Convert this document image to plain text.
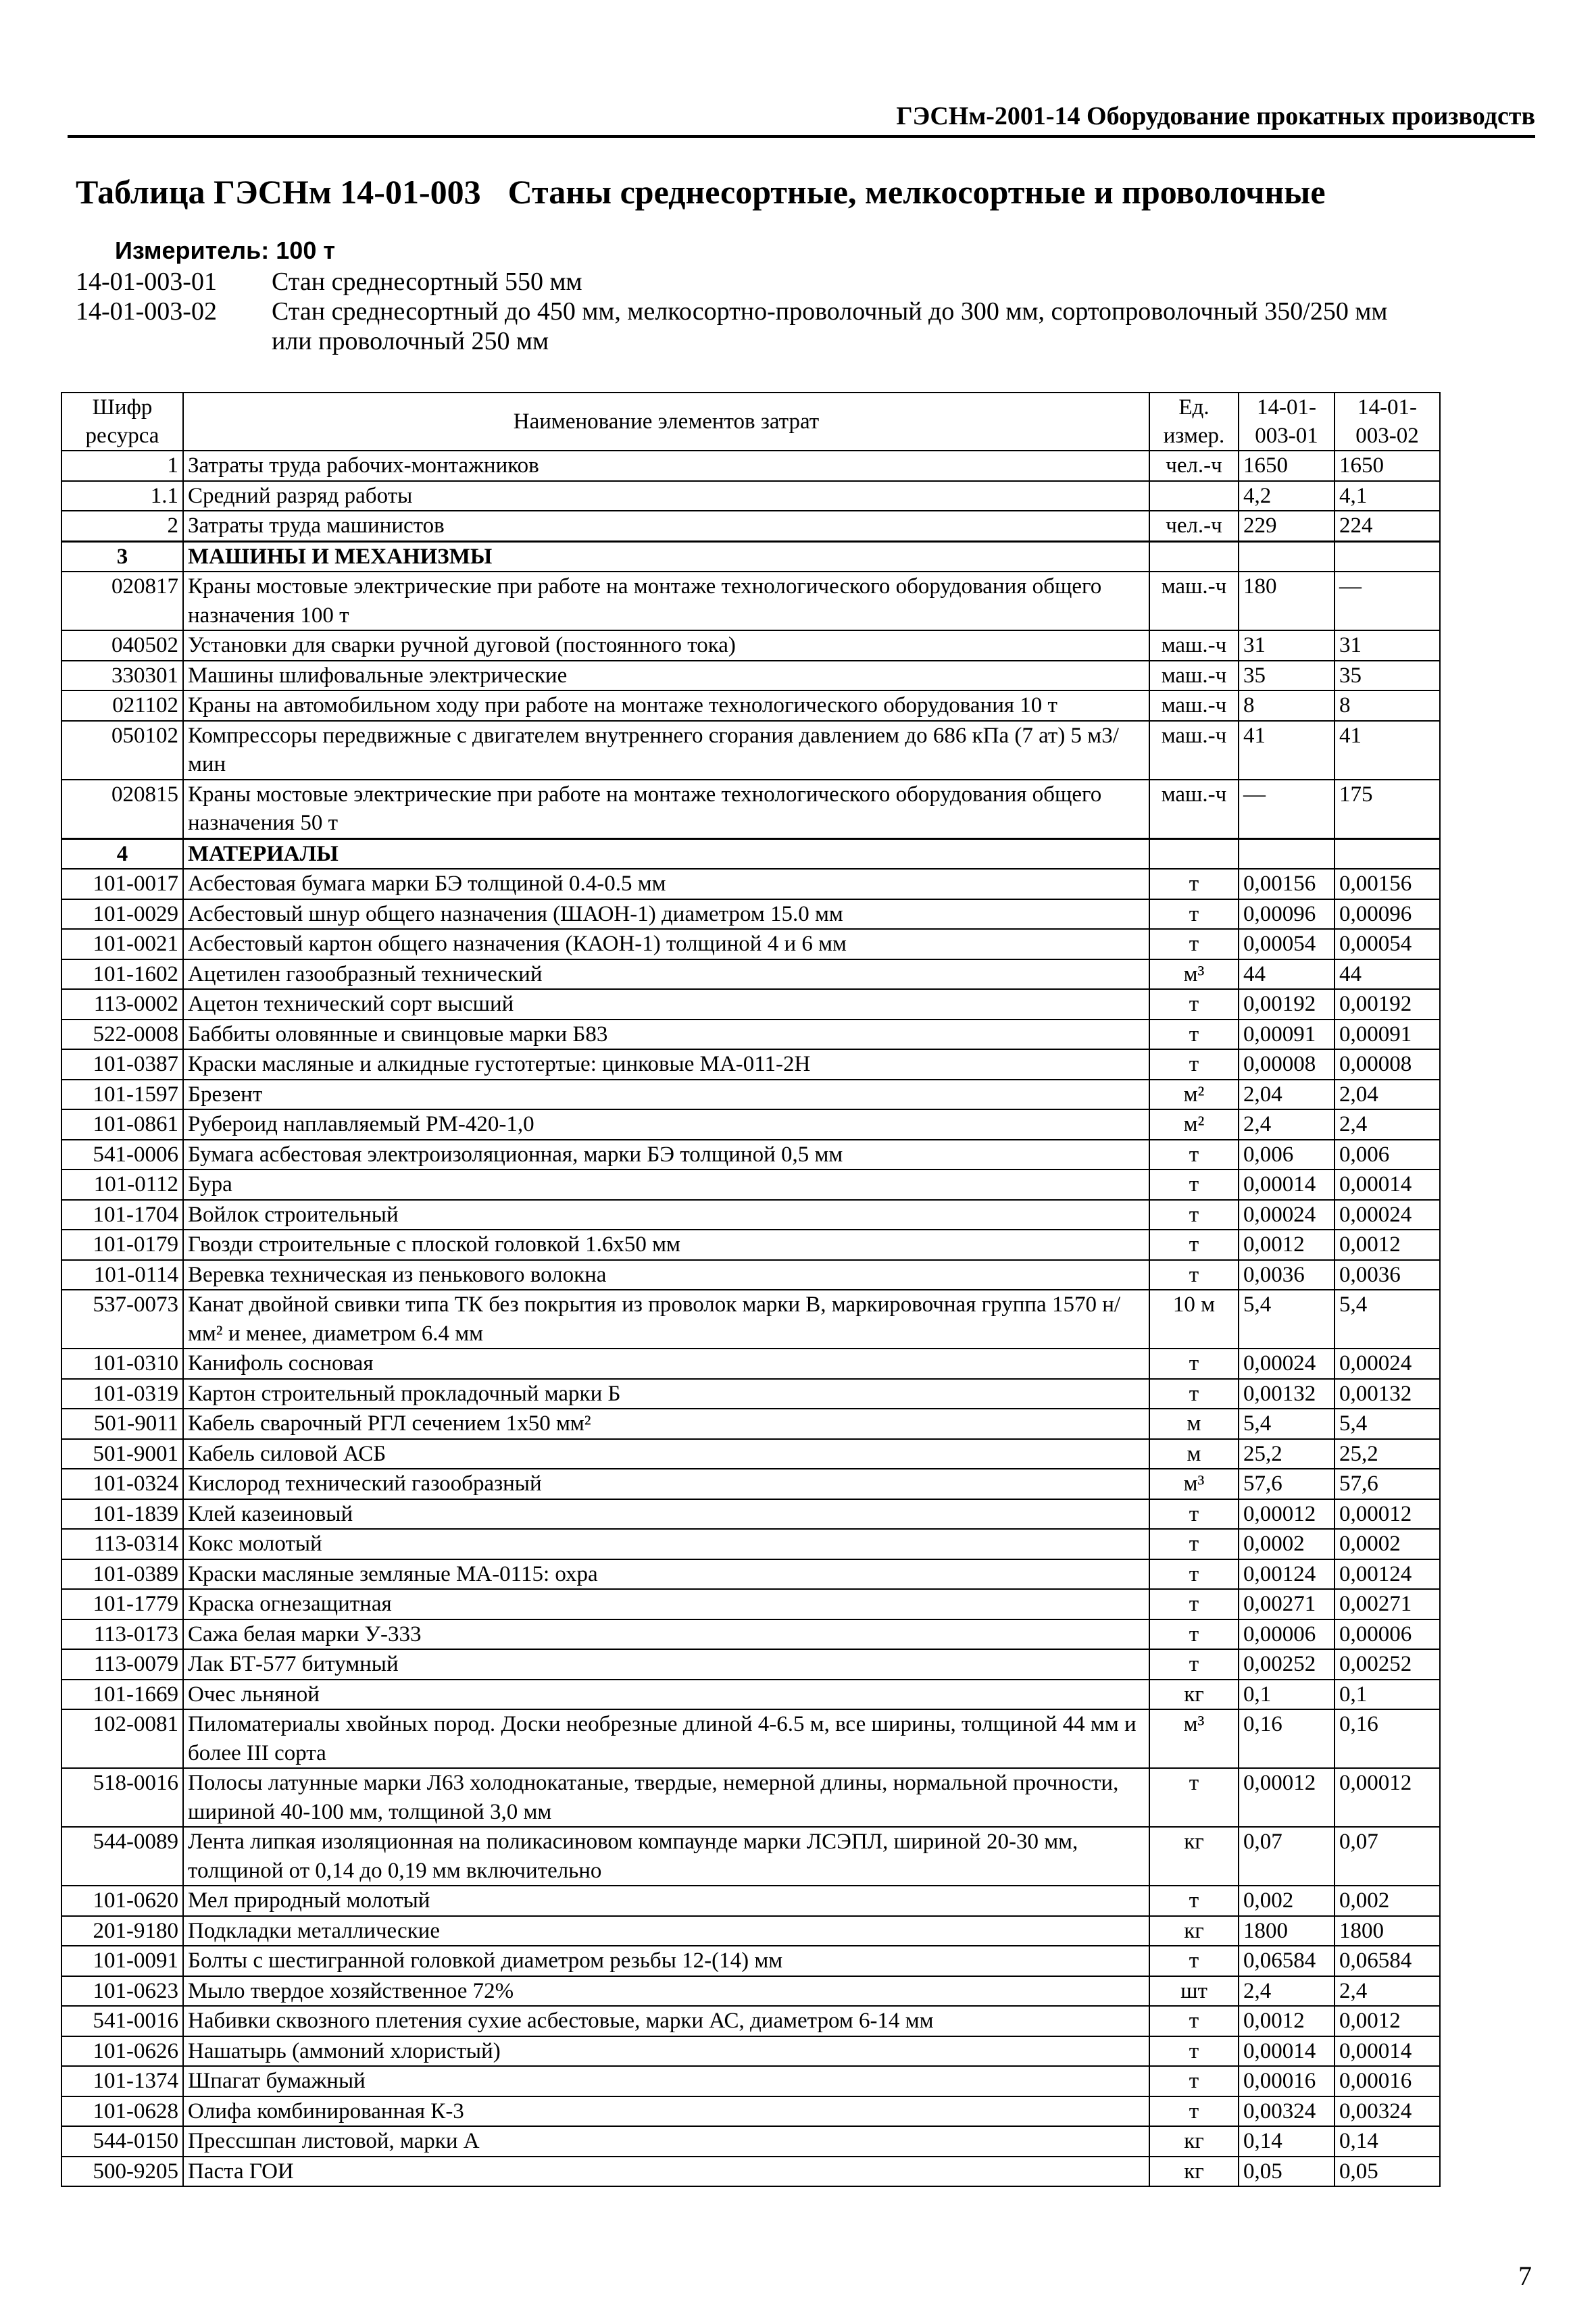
ГЭСНм-2001-14 Оборудование прокатных производств
Таблица ГЭСНм 14-01-003 Станы среднесортные, мелкосортные и проволочные
Измеритель: 100 т
14-01-003-01	Стан среднесортный 550 мм
14-01-003-02	Стан среднесортный до 450 мм, мелкосортно-проволочный до 300 мм, сортопроволочный 350/250 мм или проволочный 250 мм
Шифр ресурса	Наименование элементов затрат	Ед. измер.	14-01-003-01	14-01-003-02
1	Затраты труда рабочих-монтажников	чел.-ч	1650	1650
1.1	Средний разряд работы		4,2	4,1
2	Затраты труда машинистов	чел.-ч	229	224
3	МАШИНЫ И МЕХАНИЗМЫ			
020817	Краны мостовые электрические при работе на монтаже технологического оборудования общего назначения 100 т	маш.-ч	180	—
040502	Установки для сварки ручной дуговой (постоянного тока)	маш.-ч	31	31
330301	Машины шлифовальные электрические	маш.-ч	35	35
021102	Краны на автомобильном ходу при работе на монтаже технологического оборудования 10 т	маш.-ч	8	8
050102	Компрессоры передвижные с двигателем внутреннего сгорания давлением до 686 кПа (7 ат) 5 м3/мин	маш.-ч	41	41
020815	Краны мостовые электрические при работе на монтаже технологического оборудования общего назначения 50 т	маш.-ч	—	175
4	МАТЕРИАЛЫ			
101-0017	Асбестовая бумага марки БЭ толщиной 0.4-0.5 мм	т	0,00156	0,00156
101-0029	Асбестовый шнур общего назначения (ШАОН-1) диаметром 15.0 мм	т	0,00096	0,00096
101-0021	Асбестовый картон общего назначения (КАОН-1) толщиной 4 и 6 мм	т	0,00054	0,00054
101-1602	Ацетилен газообразный технический	м³	44	44
113-0002	Ацетон технический сорт высший	т	0,00192	0,00192
522-0008	Баббиты оловянные и свинцовые марки Б83	т	0,00091	0,00091
101-0387	Краски масляные и алкидные густотертые: цинковые МА-011-2Н	т	0,00008	0,00008
101-1597	Брезент	м²	2,04	2,04
101-0861	Рубероид наплавляемый РМ-420-1,0	м²	2,4	2,4
541-0006	Бумага асбестовая электроизоляционная, марки БЭ толщиной 0,5 мм	т	0,006	0,006
101-0112	Бура	т	0,00014	0,00014
101-1704	Войлок строительный	т	0,00024	0,00024
101-0179	Гвозди строительные с плоской головкой 1.6x50 мм	т	0,0012	0,0012
101-0114	Веревка техническая из пенькового волокна	т	0,0036	0,0036
537-0073	Канат двойной свивки типа ТК без покрытия из проволок марки В, маркировочная группа 1570 н/мм² и менее, диаметром 6.4 мм	10 м	5,4	5,4
101-0310	Канифоль сосновая	т	0,00024	0,00024
101-0319	Картон строительный прокладочный марки Б	т	0,00132	0,00132
501-9011	Кабель сварочный РГЛ сечением 1х50 мм²	м	5,4	5,4
501-9001	Кабель силовой АСБ	м	25,2	25,2
101-0324	Кислород технический газообразный	м³	57,6	57,6
101-1839	Клей казеиновый	т	0,00012	0,00012
113-0314	Кокс молотый	т	0,0002	0,0002
101-0389	Краски масляные земляные МА-0115: охра	т	0,00124	0,00124
101-1779	Краска огнезащитная	т	0,00271	0,00271
113-0173	Сажа белая марки У-333	т	0,00006	0,00006
113-0079	Лак БТ-577 битумный	т	0,00252	0,00252
101-1669	Очес льняной	кг	0,1	0,1
102-0081	Пиломатериалы хвойных пород. Доски необрезные длиной 4-6.5 м, все ширины, толщиной 44 мм и более III сорта	м³	0,16	0,16
518-0016	Полосы латунные марки Л63 холоднокатаные, твердые, немерной длины, нормальной прочности, шириной 40-100 мм, толщиной 3,0 мм	т	0,00012	0,00012
544-0089	Лента липкая изоляционная на поликасиновом компаунде марки ЛСЭПЛ, шириной 20-30 мм, толщиной от 0,14 до 0,19 мм включительно	кг	0,07	0,07
101-0620	Мел природный молотый	т	0,002	0,002
201-9180	Подкладки металлические	кг	1800	1800
101-0091	Болты с шестигранной головкой диаметром резьбы 12-(14) мм	т	0,06584	0,06584
101-0623	Мыло твердое хозяйственное 72%	шт	2,4	2,4
541-0016	Набивки сквозного плетения сухие асбестовые, марки АС, диаметром 6-14 мм	т	0,0012	0,0012
101-0626	Нашатырь (аммоний хлористый)	т	0,00014	0,00014
101-1374	Шпагат бумажный	т	0,00016	0,00016
101-0628	Олифа комбинированная К-3	т	0,00324	0,00324
544-0150	Прессшпан листовой, марки А	кг	0,14	0,14
500-9205	Паста ГОИ	кг	0,05	0,05
7
